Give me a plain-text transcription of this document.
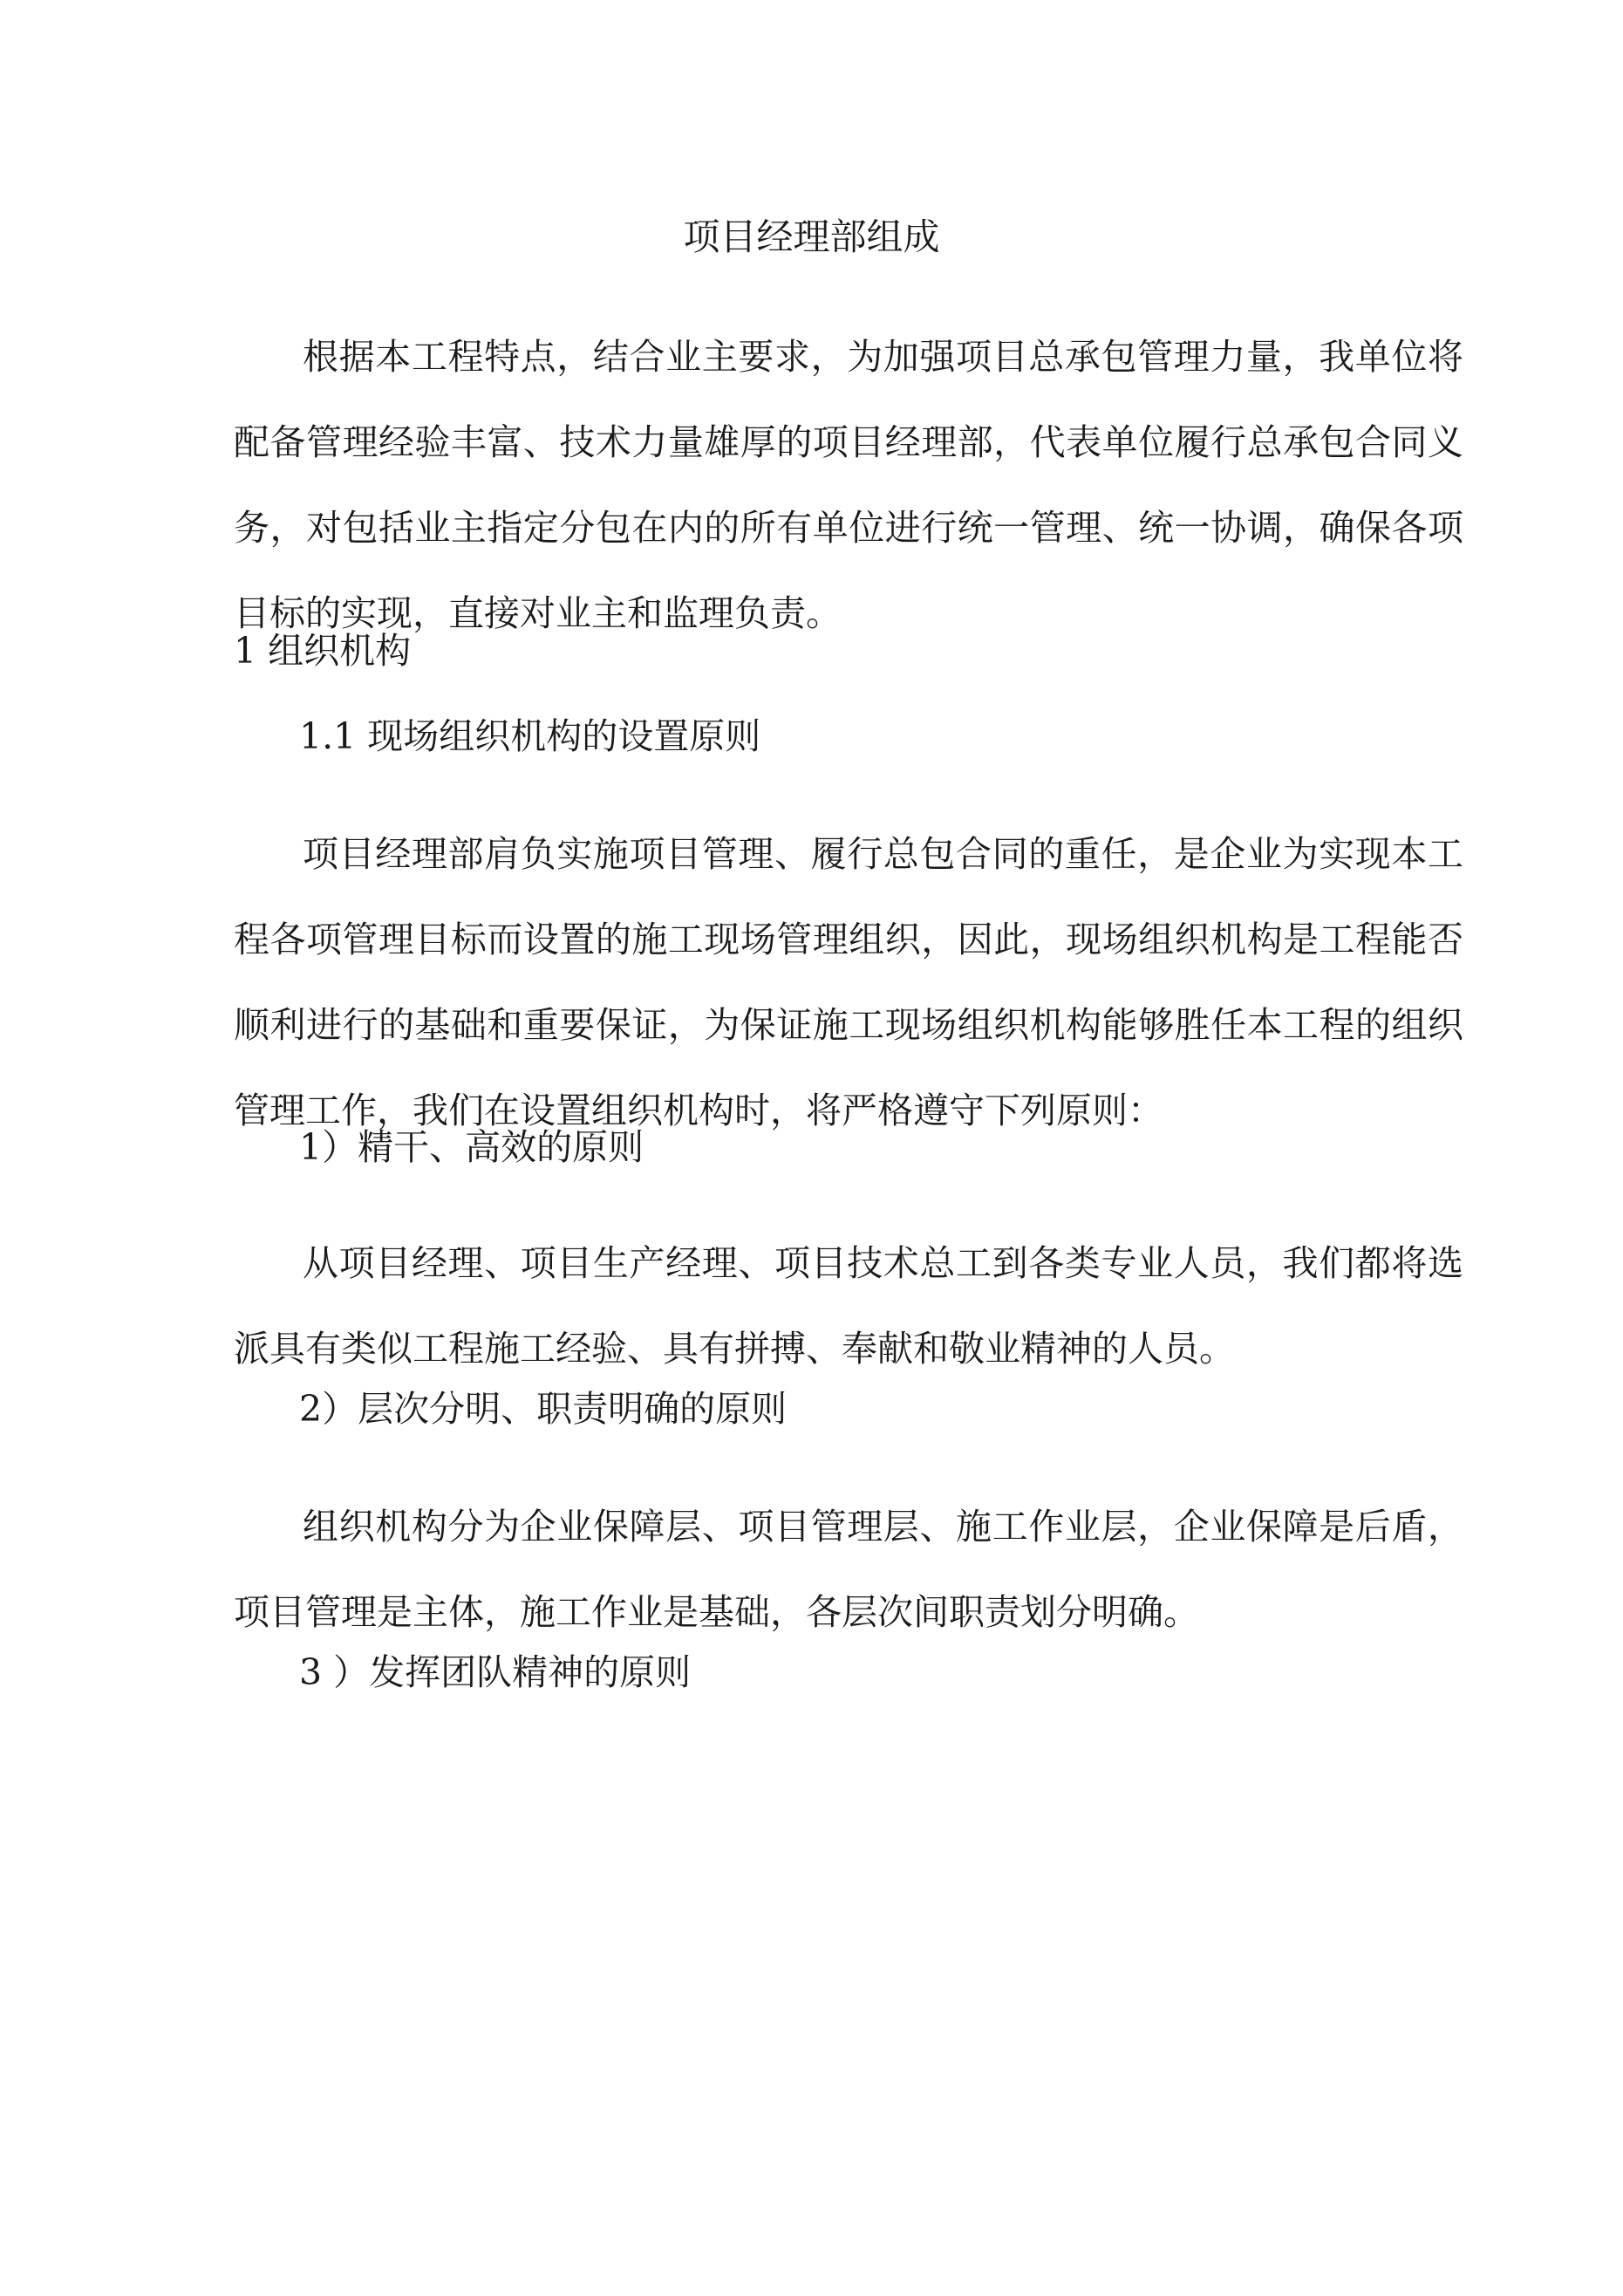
项目经理部组成

根据本工程特点，结合业主要求，为加强项目总承包管理力量，我单位将配备管理经验丰富、技术力量雄厚的项目经理部，代表单位履行总承包合同义务，对包括业主指定分包在内的所有单位进行统一管理、统一协调，确保各项目标的实现，直接对业主和监理负责。

1 组织机构

1.1 现场组织机构的设置原则

项目经理部肩负实施项目管理、履行总包合同的重任，是企业为实现本工程各项管理目标而设置的施工现场管理组织，因此，现场组织机构是工程能否顺利进行的基础和重要保证，为保证施工现场组织机构能够胜任本工程的组织管理工作，我们在设置组织机构时，将严格遵守下列原则：

1）精干、高效的原则

从项目经理、项目生产经理、项目技术总工到各类专业人员，我们都将选派具有类似工程施工经验、具有拼搏、奉献和敬业精神的人员。

2）层次分明、职责明确的原则

组织机构分为企业保障层、项目管理层、施工作业层，企业保障是后盾，项目管理是主体，施工作业是基础，各层次间职责划分明确。

3 ）发挥团队精神的原则
